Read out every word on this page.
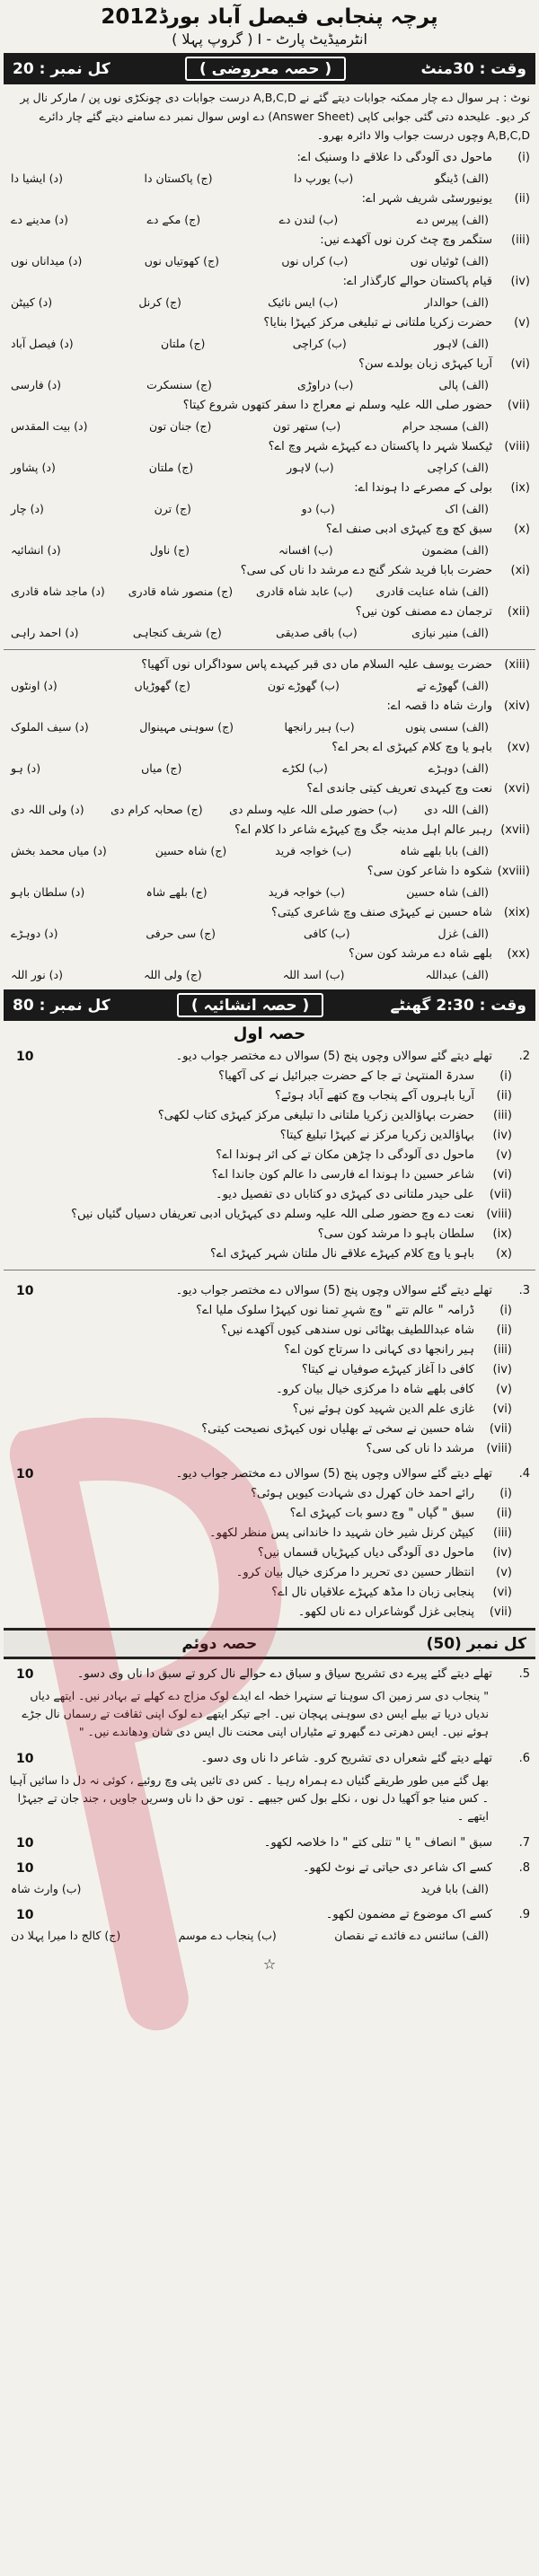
پرچہ پنجابی فیصل آباد بورڈ2012
انٹرمیڈیٹ پارٹ - I ( گروپ پہلا )
وقت : 30منٹ
( حصہ معروضی )
کل نمبر : 20
نوٹ : ہر سوال دے چار ممکنہ جوابات دیتے گئے نے A,B,C,D درست جوابات دی چونکڑی نوں پن / مارکر نال پر کر دیو۔ علیحدہ دتی گئی جوابی کاپی (Answer Sheet) دے اوس سوال نمبر دے سامنے دیتے گئے چار دائرے A,B,C,D وچوں درست جواب والا دائرہ بھرو۔
(i)
ماحول دی آلودگی دا علاقے دا وسنیک اے:
(الف) ڈینگو
(ب) یورپ دا
(ج) پاکستان دا
(د) ایشیا دا
(ii)
یونیورسٹی شریف شہر اے:
(الف) پیرس دے
(ب) لندن دے
(ج) مکے دے
(د) مدینے دے
(iii)
ستگمر وچ چٹ کرن نوں آکھدے نیں:
(الف) ٹوئیاں نوں
(ب) کراں نوں
(ج) کھوتیاں نوں
(د) میداناں نوں
(iv)
قیام پاکستان حوالے کارگذار اے:
(الف) حوالدار
(ب) ایس نائیک
(ج) کرنل
(د) کیپٹن
(v)
حضرت زکریا ملتانی نے تبلیغی مرکز کیہڑا بنایا؟
(الف) لاہور
(ب) کراچی
(ج) ملتان
(د) فیصل آباد
(vi)
آریا کیہڑی زبان بولدے سن؟
(الف) پالی
(ب) دراوڑی
(ج) سنسکرت
(د) فارسی
(vii)
حضور صلی اللہ علیہ وسلم نے معراج دا سفر کتھوں شروع کیتا؟
(الف) مسجد حرام
(ب) ستھر تون
(ج) جنان تون
(د) بیت المقدس
(viii)
ٹیکسلا شہر دا پاکستان دے کیہڑے شہر وچ اے؟
(الف) کراچی
(ب) لاہور
(ج) ملتان
(د) پشاور
(ix)
بولی کے مصرعے دا ہوندا اے:
(الف) اک
(ب) دو
(ج) ترن
(د) چار
(x)
سبق کچ وچ کیہڑی ادبی صنف اے؟
(الف) مضمون
(ب) افسانہ
(ج) ناول
(د) انشائیہ
(xi)
حضرت بابا فرید شکر گنج دے مرشد دا ناں کی سی؟
(الف) شاہ عنایت قادری
(ب) عابد شاہ قادری
(ج) منصور شاہ قادری
(د) ماجد شاہ قادری
(xii)
ترجمان دے مصنف کون نیں؟
(الف) منیر نیازی
(ب) باقی صدیقی
(ج) شریف کنجاہی
(د) احمد راہی
(xiii)
حضرت یوسف علیہ السلام ماں دی قبر کیہدے پاس سوداگراں نوں آکھیا؟
(الف) گھوڑے تے
(ب) گھوڑے تون
(ج) گھوڑیاں
(د) اونٹوں
(xiv)
وارث شاہ دا قصہ اے:
(الف) سسی پنوں
(ب) ہیر رانجھا
(ج) سوہنی مہینوال
(د) سیف الملوک
(xv)
باہو یا وچ کلام کیہڑی اے بحر اے؟
(الف) دوہڑے
(ب) لکڑے
(ج) میاں
(د) ہو
(xvi)
نعت وچ کیہدی تعریف کیتی جاندی اے؟
(الف) اللہ دی
(ب) حضور صلی اللہ علیہ وسلم دی
(ج) صحابہ کرام دی
(د) ولی اللہ دی
(xvii)
رہبر عالم اہل مدینہ جگ وچ کیہڑے شاعر دا کلام اے؟
(الف) بابا بلھے شاہ
(ب) خواجہ فرید
(ج) شاہ حسین
(د) میاں محمد بخش
(xviii)
شکوہ دا شاعر کون سی؟
(الف) شاہ حسین
(ب) خواجہ فرید
(ج) بلھے شاہ
(د) سلطان باہو
(xix)
شاہ حسین نے کیہڑی صنف وچ شاعری کیتی؟
(الف) غزل
(ب) کافی
(ج) سی حرفی
(د) دوہڑے
(xx)
بلھے شاہ دے مرشد کون سن؟
(الف) عبداللہ
(ب) اسد اللہ
(ج) ولی اللہ
(د) نور اللہ
وقت : 2:30 گھنٹے
( حصہ انشائیہ )
کل نمبر : 80
حصہ اول
2.
تھلے دیتے گئے سوالاں وچوں پنج (5) سوالاں دے مختصر جواب دیو۔
10
(i)
سدرۃ المنتہیٰ تے جا کے حضرت جبرائیل نے کی آکھیا؟
(ii)
آریا باہروں آکے پنجاب وچ کتھے آباد ہوئے؟
(iii)
حضرت بہاؤالدین زکریا ملتانی دا تبلیغی مرکز کیہڑی کتاب لکھی؟
(iv)
بہاؤالدین زکریا مرکز نے کیہڑا تبلیغ کیتا؟
(v)
ماحول دی آلودگی دا چڑھن مکان تے کی اثر ہوندا اے؟
(vi)
شاعر حسین دا ہوندا اے فارسی دا عالم کون جاندا اے؟
(vii)
علی حیدر ملتانی دی کیہڑی دو کتاباں دی تفصیل دیو۔
(viii)
نعت دے وچ حضور صلی اللہ علیہ وسلم دی کیہڑیاں ادبی تعریفاں دسیاں گئیاں نیں؟
(ix)
سلطان باہو دا مرشد کون سی؟
(x)
باہو یا وچ کلام کیہڑے علاقے نال ملتان شہر کیہڑی اے؟
3.
تھلے دیتے گئے سوالاں وچوں پنج (5) سوالاں دے مختصر جواب دیو۔
10
(i)
ڈرامہ " عالم تتے " وچ شہرِ تمنا نوں کیہڑا سلوک ملیا اے؟
(ii)
شاہ عبداللطیف بھٹائی نوں سندھی کیوں آکھدے نیں؟
(iii)
ہیر رانجھا دی کہانی دا سرتاج کون اے؟
(iv)
کافی دا آغاز کیہڑے صوفیاں نے کیتا؟
(v)
کافی بلھے شاہ دا مرکزی خیال بیان کرو۔
(vi)
غازی علم الدین شہید کون ہوئے نیں؟
(vii)
شاہ حسین نے سخی تے بھلیاں نوں کیہڑی نصیحت کیتی؟
(viii)
مرشد دا ناں کی سی؟
4.
تھلے دیتے گئے سوالاں وچوں پنج (5) سوالاں دے مختصر جواب دیو۔
10
(i)
رائے احمد خان کھرل دی شہادت کیویں ہوئی؟
(ii)
سبق " گپاں " وچ دسو بات کیہڑی اے؟
(iii)
کیپٹن کرنل شیر خان شہید دا خاندانی پس منظر لکھو۔
(iv)
ماحول دی آلودگی دیاں کیہڑیاں قسماں نیں؟
(v)
انتظار حسین دی تحریر دا مرکزی خیال بیان کرو۔
(vi)
پنجابی زبان دا مڈھ کیہڑے علاقیاں نال اے؟
(vii)
پنجابی غزل گوشاعراں دے ناں لکھو۔
کل نمبر (50)
حصہ دوئم
5.
تھلے دیتے گئے پیرے دی تشریح سیاق و سباق دے حوالے نال کرو تے سبق دا ناں وی دسو۔
10
" پنجاب دی سر زمین اک سوہنا تے سنہرا خطہ اے ایدے لوک مزاج دے کھلے تے بہادر نیں۔ ایتھے دیاں ندیاں دریا تے بیلے ایس دی سوہنی پہچان نیں۔ اجے تیکر ایتھے دے لوک اپنی ثقافت تے رسماں نال جڑے ہوئے نیں۔ ایس دھرتی دے گبھرو تے مٹیاراں اپنی محنت نال ایس دی شان ودھاندے نیں۔ "
6.
تھلے دیتے گئے شعراں دی تشریح کرو۔ شاعر دا ناں وی دسو۔
10
بھل گئے میں طور طریقے گئیاں دے ہمراہ رہیا ۔ کس دی تائیں پئی وچ روئیے ، کوئی نہ دل دا سائیں آہیا ۔ کس منیا جو آکھیا دل نوں ، نکلے بول کس جیبھے ۔ توں حق دا ناں وسریں جاویں ، جند جان تے جیہڑا ایتھے ۔
7.
سبق " انصاف " یا " تتلی کتے " دا خلاصہ لکھو۔
10
8.
کسے اک شاعر دی حیاتی تے نوٹ لکھو۔
10
(الف) بابا فرید
(ب) وارث شاہ
9.
کسے اک موضوع تے مضمون لکھو۔
10
(الف) سائنس دے فائدے تے نقصان
(ب) پنجاب دے موسم
(ج) کالج دا میرا پہلا دن
☆
